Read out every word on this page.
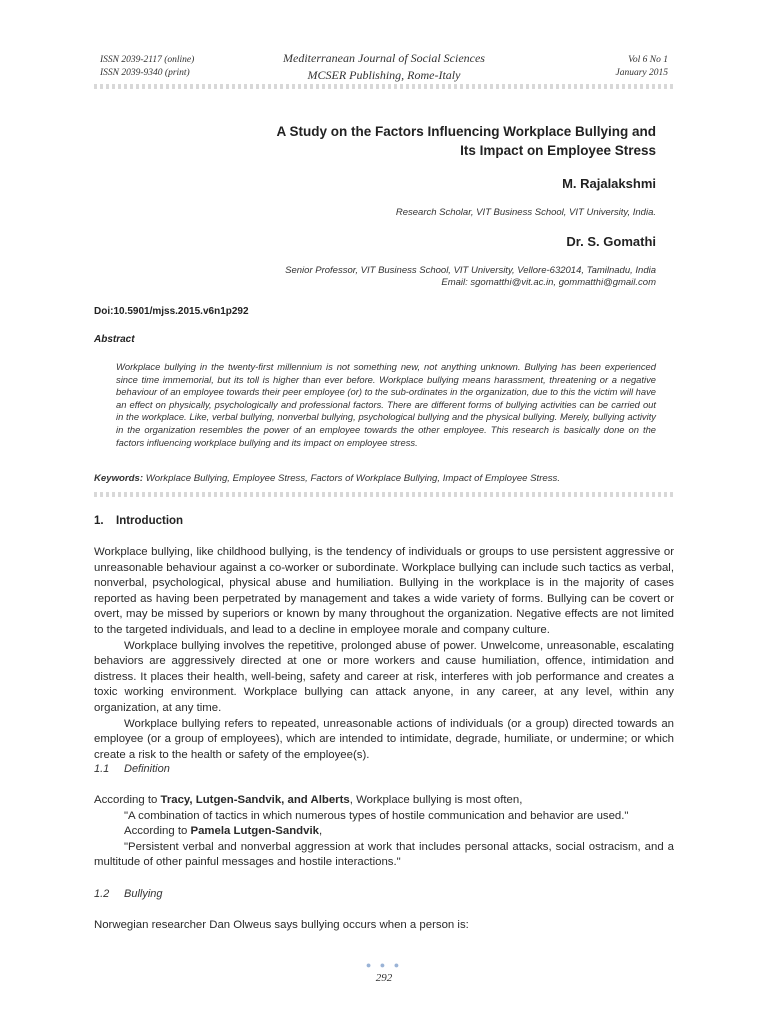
ISSN 2039-2117 (online)
ISSN 2039-9340 (print)
Mediterranean Journal of Social Sciences
MCSER Publishing, Rome-Italy
Vol 6 No 1
January 2015
A Study on the Factors Influencing Workplace Bullying and
Its Impact on Employee Stress
M. Rajalakshmi
Research Scholar, VIT Business School, VIT University, India.
Dr. S. Gomathi
Senior Professor, VIT Business School, VIT University, Vellore-632014, Tamilnadu, India
Email: sgomatthi@vit.ac.in, gommatthi@gmail.com
Doi:10.5901/mjss.2015.v6n1p292
Abstract
Workplace bullying in the twenty-first millennium is not something new, not anything unknown. Bullying has been experienced since time immemorial, but its toll is higher than ever before. Workplace bullying means harassment, threatening or a negative behaviour of an employee towards their peer employee (or) to the sub-ordinates in the organization, due to this the victim will have an effect on physically, psychologically and professional factors. There are different forms of bullying activities can be carried out in the workplace. Like, verbal bullying, nonverbal bullying, psychological bullying and the physical bullying. Merely, bullying activity in the organization resembles the power of an employee towards the other employee. This research is basically done on the factors influencing workplace bullying and its impact on employee stress.
Keywords: Workplace Bullying, Employee Stress, Factors of Workplace Bullying, Impact of Employee Stress.
1. Introduction

Workplace bullying, like childhood bullying, is the tendency of individuals or groups to use persistent aggressive or unreasonable behaviour against a co-worker or subordinate. Workplace bullying can include such tactics as verbal, nonverbal, psychological, physical abuse and humiliation. Bullying in the workplace is in the majority of cases reported as having been perpetrated by management and takes a wide variety of forms. Bullying can be covert or overt, may be missed by superiors or known by many throughout the organization. Negative effects are not limited to the targeted individuals, and lead to a decline in employee morale and company culture.

Workplace bullying involves the repetitive, prolonged abuse of power. Unwelcome, unreasonable, escalating behaviors are aggressively directed at one or more workers and cause humiliation, offence, intimidation and distress. It places their health, well-being, safety and career at risk, interferes with job performance and creates a toxic working environment. Workplace bullying can attack anyone, in any career, at any level, within any organization, at any time.

Workplace bullying refers to repeated, unreasonable actions of individuals (or a group) directed towards an employee (or a group of employees), which are intended to intimidate, degrade, humiliate, or undermine; or which create a risk to the health or safety of the employee(s).

1.1 Definition

According to Tracy, Lutgen-Sandvik, and Alberts, Workplace bullying is most often,

"A combination of tactics in which numerous types of hostile communication and behavior are used."

According to Pamela Lutgen-Sandvik,

"Persistent verbal and nonverbal aggression at work that includes personal attacks, social ostracism, and a multitude of other painful messages and hostile interactions."

1.2 Bullying

Norwegian researcher Dan Olweus says bullying occurs when a person is:

● ● ●
292
